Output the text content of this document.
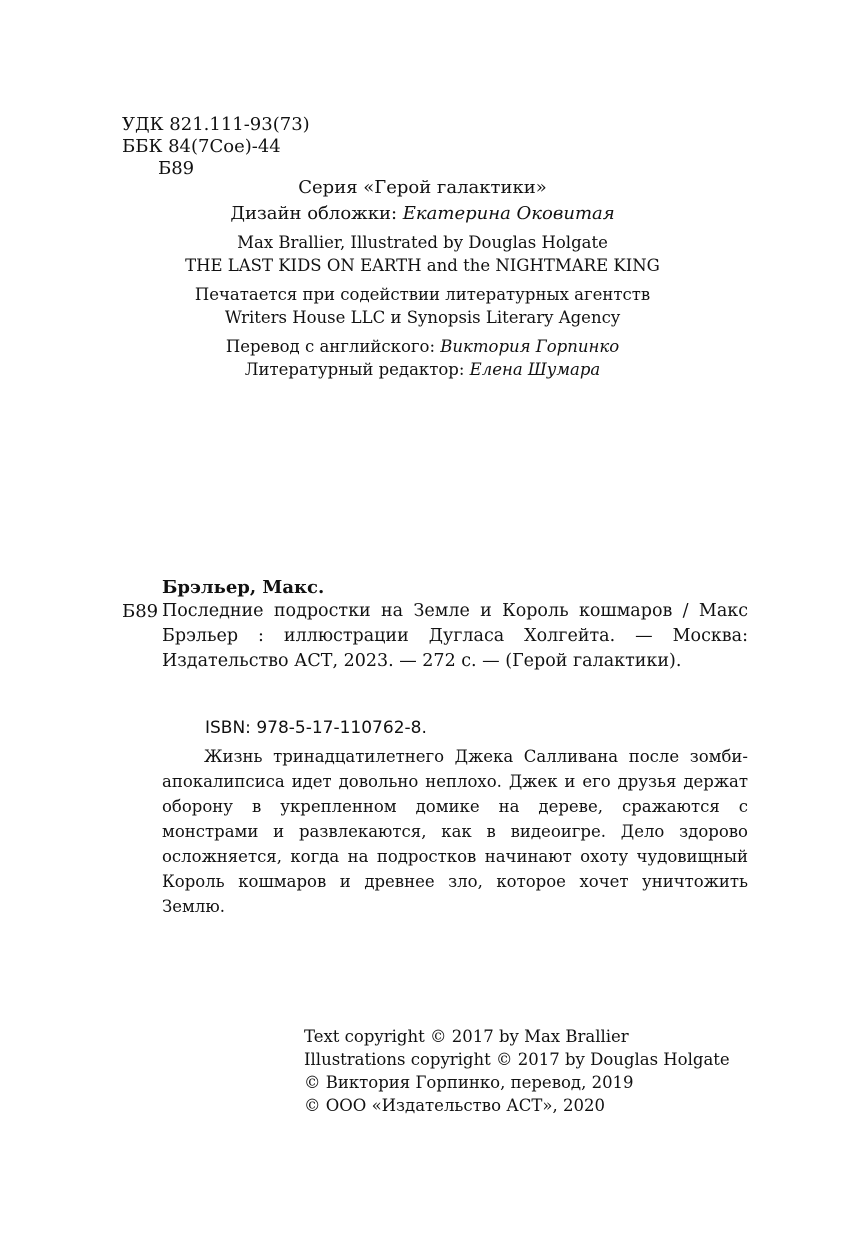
УДК 821.111-93(73)
ББК 84(7Сое)-44
Б89
Серия «Герой галактики»
Дизайн обложки: Екатерина Оковитая
Max Brallier, Illustrated by Douglas Holgate
THE LAST KIDS ON EARTH and the NIGHTMARE KING
Печатается при содействии литературных агентств
Writers House LLC и Synopsis Literary Agency
Перевод с английского: Виктория Горпинко
Литературный редактор: Елена Шумара
Брэльер, Макс.
Б89 Последние подростки на Земле и Король кошмаров / Макс Брэльер : иллюстрации Дугласа Холгейта. — Москва: Издательство АСТ, 2023. — 272 с. — (Герой галактики).
ISBN: 978-5-17-110762-8.
Жизнь тринадцатилетнего Джека Салливана после зомби-апокалипсиса идет довольно неплохо. Джек и его друзья держат оборону в укрепленном домике на дереве, сражаются с монстрами и развлекаются, как в видеоигре. Дело здорово осложняется, когда на подростков начинают охоту чудовищный Король кошмаров и древнее зло, которое хочет уничтожить Землю.
Text copyright © 2017 by Max Brallier
Illustrations copyright © 2017 by Douglas Holgate
© Виктория Горпинко, перевод, 2019
© ООО «Издательство АСТ», 2020
